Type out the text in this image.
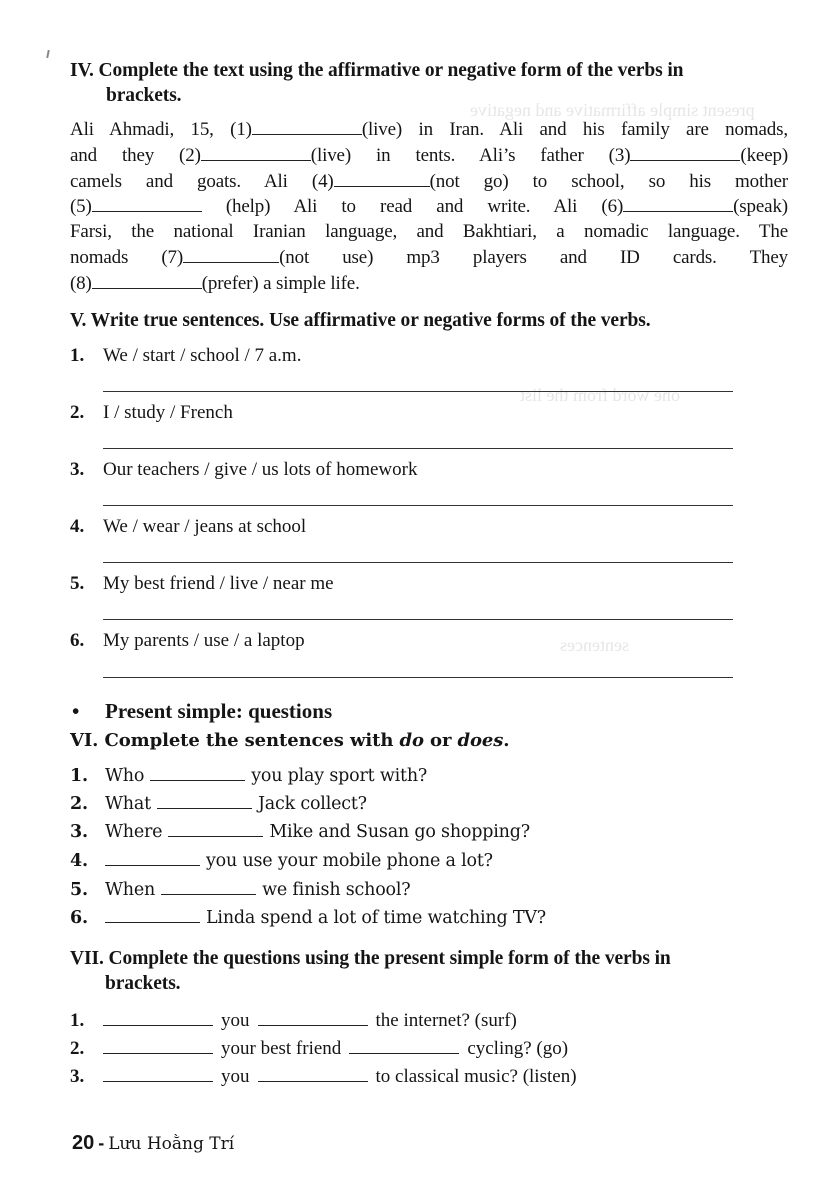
present simple affirmative and negative
one word from the list
sentences
IV. Complete the text using the affirmative or negative form of the verbs in
brackets.
Ali Ahmadi, 15, (1)	(live) in Iran. Ali and his family are nomads,
and they (2)	(live) in tents. Ali’s father (3)	(keep)
camels and goats. Ali (4)	(not go) to school, so his mother
(5)	(help) Ali to read and write. Ali (6)	(speak)
Farsi, the national Iranian language, and Bakhtiari, a nomadic language. The
nomads (7)	(not use) mp3 players and ID cards. They
(8)	(prefer) a simple life.
V. Write true sentences. Use affirmative or negative forms of the verbs.
1. We / start / school / 7 a.m.
2. I / study / French
3. Our teachers / give / us lots of homework
4. We / wear / jeans at school
5. My best friend / live / near me
6. My parents / use / a laptop
• Present simple: questions
VI. Complete the sentences with do or does.
1. Who	you play sport with?
2. What	Jack collect?
3. Where	Mike and Susan go shopping?
4.	you use your mobile phone a lot?
5. When	we finish school?
6.	Linda spend a lot of time watching TV?
VII. Complete the questions using the present simple form of the verbs in
brackets.
1.	you	the internet? (surf)
2.	your best friend	cycling? (go)
3.	you	to classical music? (listen)
20 - Lưu Hoằng Trí
